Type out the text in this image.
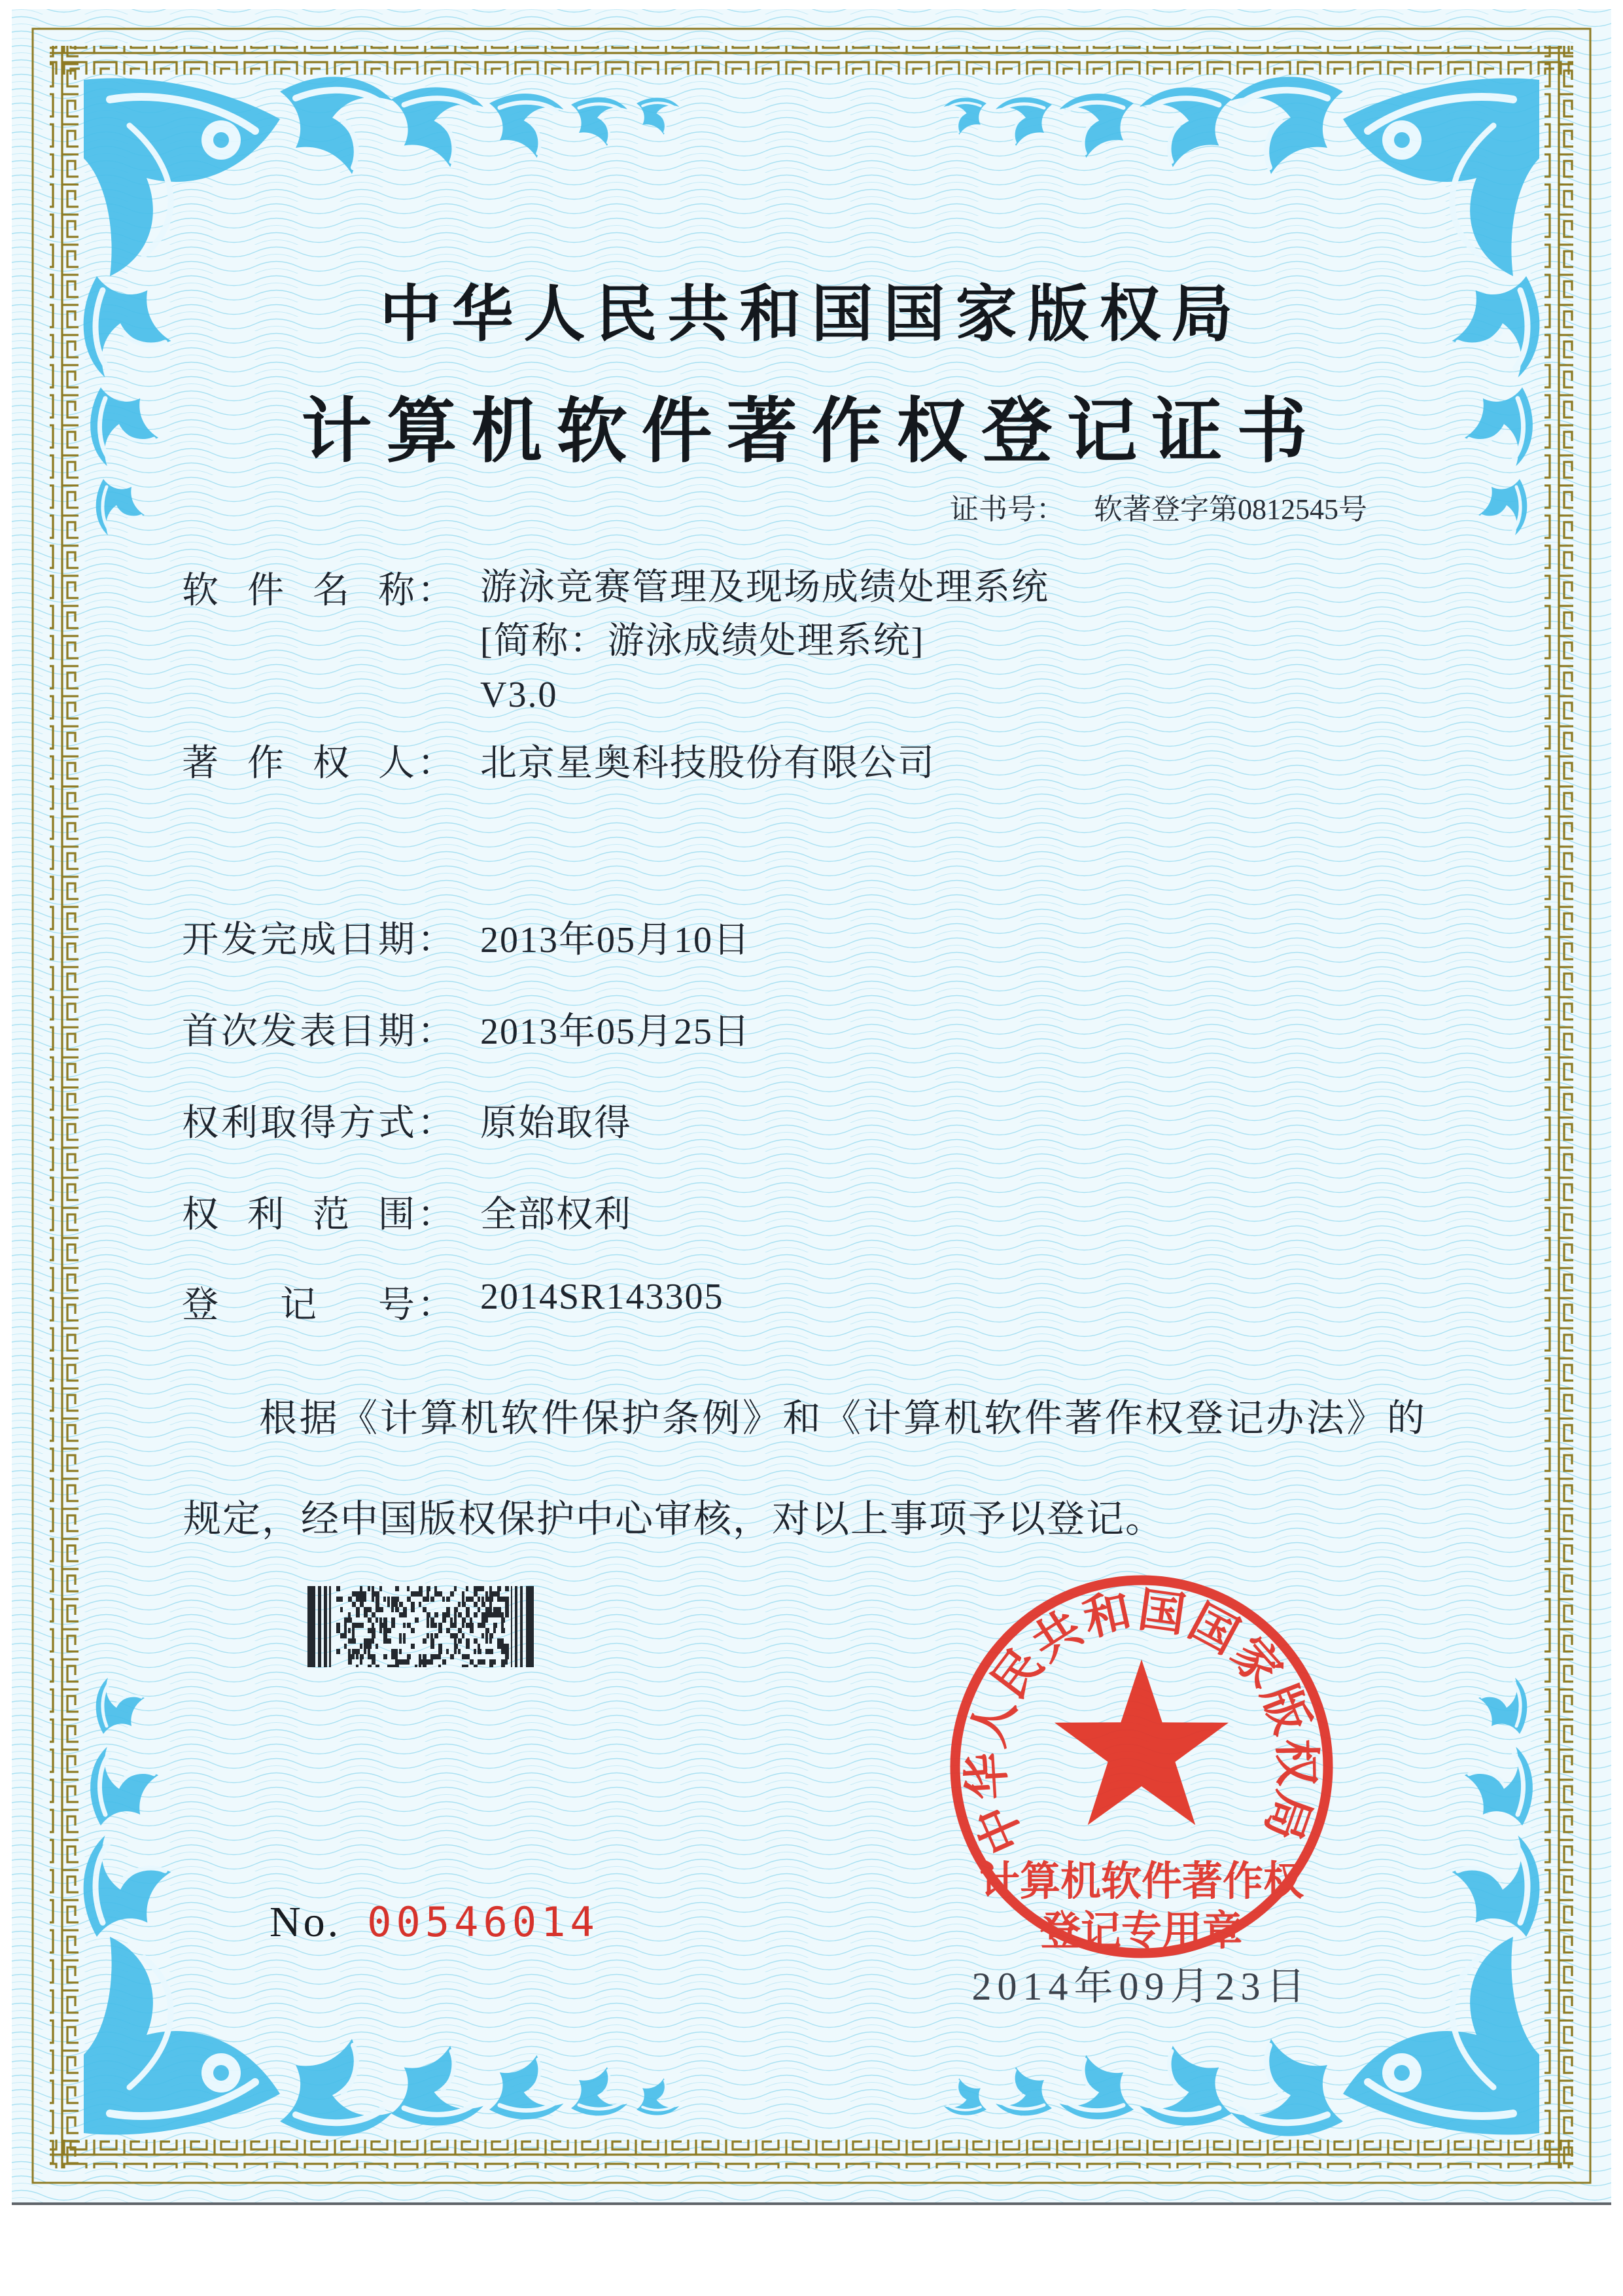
中华人民共和国国家版权局
计算机软件著作权登记证书
证书号： 软著登字第0812545号
软件名称 ： 游泳竞赛管理及现场成绩处理系统
[简称：游泳成绩处理系统]
V3.0
著作权人 ： 北京星奥科技股份有限公司
开发完成日期 ： 2013年05月10日
首次发表日期 ： 2013年05月25日
权利取得方式 ： 原始取得
权利范围 ： 全部权利
登记号 ： 2014SR143305
根据《计算机软件保护条例》和《计算机软件著作权登记办法》的
规定，经中国版权保护中心审核，对以上事项予以登记。
中华人民共和国国家版权局
计算机软件著作权
登记专用章
2014年09月23日
No. 00546014
